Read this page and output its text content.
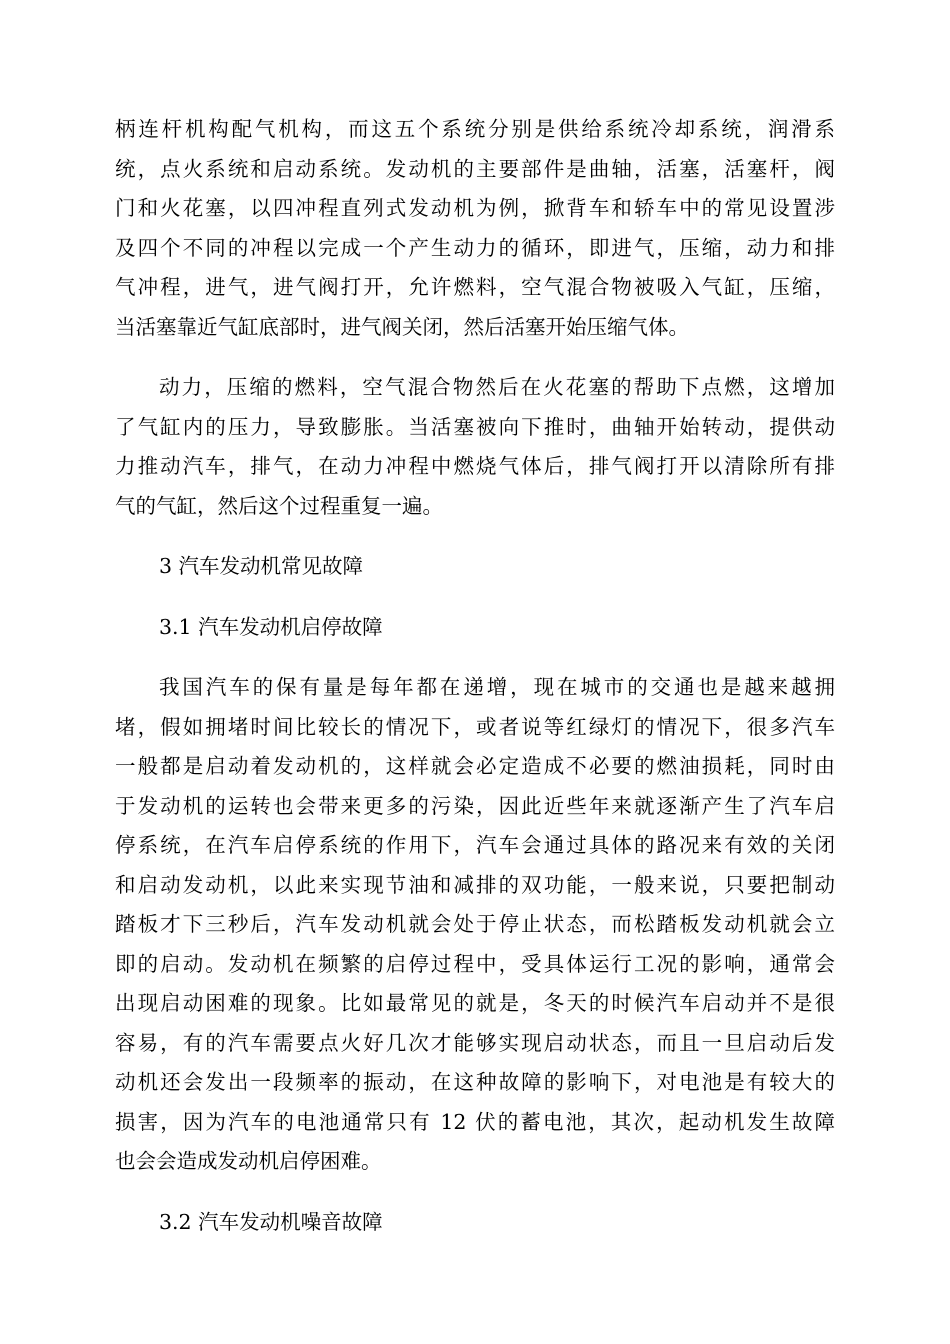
柄连杆机构配气机构，而这五个系统分别是供给系统冷却系统，润滑系
统，点火系统和启动系统。发动机的主要部件是曲轴，活塞，活塞杆，阀
门和火花塞，以四冲程直列式发动机为例，掀背车和轿车中的常见设置涉
及四个不同的冲程以完成一个产生动力的循环，即进气，压缩，动力和排
气冲程，进气，进气阀打开，允许燃料，空气混合物被吸入气缸，压缩，
当活塞靠近气缸底部时，进气阀关闭，然后活塞开始压缩气体。
动力，压缩的燃料，空气混合物然后在火花塞的帮助下点燃，这增加
了气缸内的压力，导致膨胀。当活塞被向下推时，曲轴开始转动，提供动
力推动汽车，排气，在动力冲程中燃烧气体后，排气阀打开以清除所有排
气的气缸，然后这个过程重复一遍。
3 汽车发动机常见故障
3.1 汽车发动机启停故障
我国汽车的保有量是每年都在递增，现在城市的交通也是越来越拥
堵，假如拥堵时间比较长的情况下，或者说等红绿灯的情况下，很多汽车
一般都是启动着发动机的，这样就会必定造成不必要的燃油损耗，同时由
于发动机的运转也会带来更多的污染，因此近些年来就逐渐产生了汽车启
停系统，在汽车启停系统的作用下，汽车会通过具体的路况来有效的关闭
和启动发动机，以此来实现节油和减排的双功能，一般来说，只要把制动
踏板才下三秒后，汽车发动机就会处于停止状态，而松踏板发动机就会立
即的启动。发动机在频繁的启停过程中，受具体运行工况的影响，通常会
出现启动困难的现象。比如最常见的就是，冬天的时候汽车启动并不是很
容易，有的汽车需要点火好几次才能够实现启动状态，而且一旦启动后发
动机还会发出一段频率的振动，在这种故障的影响下，对电池是有较大的
损害，因为汽车的电池通常只有 12 伏的蓄电池，其次，起动机发生故障
也会会造成发动机启停困难。
3.2 汽车发动机噪音故障
